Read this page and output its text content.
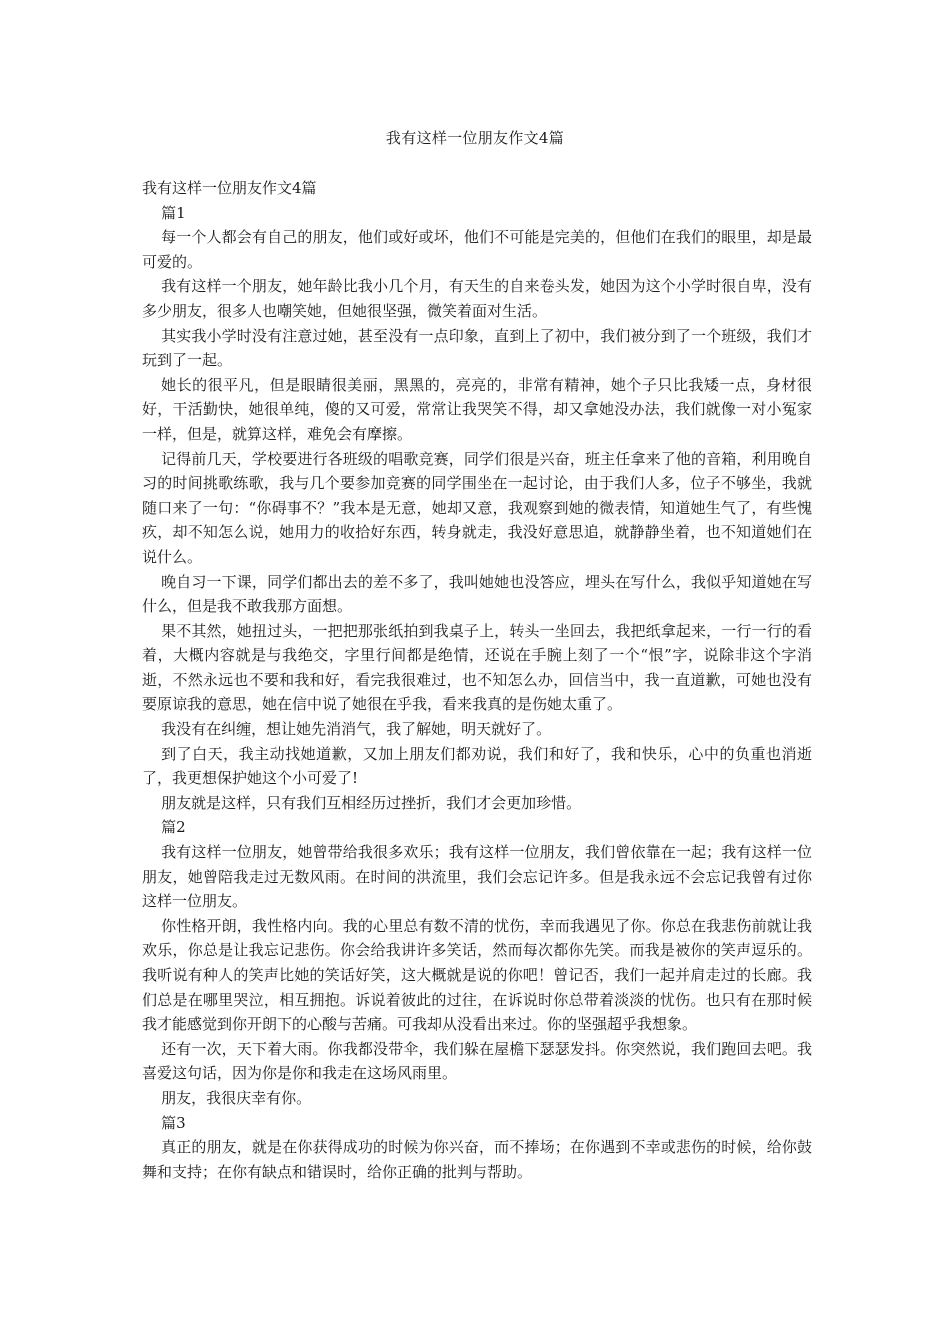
我有这样一位朋友作文4篇

我有这样一位朋友作文4篇

篇1

每一个人都会有自己的朋友，他们或好或坏，他们不可能是完美的，但他们在我们的眼里，却是最可爱的。

我有这样一个朋友，她年龄比我小几个月，有天生的自来卷头发，她因为这个小学时很自卑，没有多少朋友，很多人也嘲笑她，但她很坚强，微笑着面对生活。

其实我小学时没有注意过她，甚至没有一点印象，直到上了初中，我们被分到了一个班级，我们才玩到了一起。

她长的很平凡，但是眼睛很美丽，黑黑的，亮亮的，非常有精神，她个子只比我矮一点，身材很好，干活勤快，她很单纯，傻的又可爱，常常让我哭笑不得，却又拿她没办法，我们就像一对小冤家一样，但是，就算这样，难免会有摩擦。

记得前几天，学校要进行各班级的唱歌竞赛，同学们很是兴奋，班主任拿来了他的音箱，利用晚自习的时间挑歌练歌，我与几个要参加竞赛的同学围坐在一起讨论，由于我们人多，位子不够坐，我就随口来了一句：“你碍事不？”我本是无意，她却又意，我观察到她的微表情，知道她生气了，有些愧疚，却不知怎么说，她用力的收拾好东西，转身就走，我没好意思追，就静静坐着，也不知道她们在说什么。

晚自习一下课，同学们都出去的差不多了，我叫她她也没答应，埋头在写什么，我似乎知道她在写什么，但是我不敢我那方面想。

果不其然，她扭过头，一把把那张纸拍到我桌子上，转头一坐回去，我把纸拿起来，一行一行的看着，大概内容就是与我绝交，字里行间都是绝情，还说在手腕上刻了一个“恨”字，说除非这个字消逝，不然永远也不要和我和好，看完我很难过，也不知怎么办，回信当中，我一直道歉，可她也没有要原谅我的意思，她在信中说了她很在乎我，看来我真的是伤她太重了。

我没有在纠缠，想让她先消消气，我了解她，明天就好了。

到了白天，我主动找她道歉，又加上朋友们都劝说，我们和好了，我和快乐，心中的负重也消逝了，我更想保护她这个小可爱了!

朋友就是这样，只有我们互相经历过挫折，我们才会更加珍惜。

篇2

我有这样一位朋友，她曾带给我很多欢乐；我有这样一位朋友，我们曾依靠在一起；我有这样一位朋友，她曾陪我走过无数风雨。在时间的洪流里，我们会忘记许多。但是我永远不会忘记我曾有过你这样一位朋友。

你性格开朗，我性格内向。我的心里总有数不清的忧伤，幸而我遇见了你。你总在我悲伤前就让我欢乐，你总是让我忘记悲伤。你会给我讲许多笑话，然而每次都你先笑。而我是被你的笑声逗乐的。我听说有种人的笑声比她的笑话好笑，这大概就是说的你吧！曾记否，我们一起并肩走过的长廊。我们总是在哪里哭泣，相互拥抱。诉说着彼此的过往，在诉说时你总带着淡淡的忧伤。也只有在那时候我才能感觉到你开朗下的心酸与苦痛。可我却从没看出来过。你的坚强超乎我想象。

还有一次，天下着大雨。你我都没带伞，我们躲在屋檐下瑟瑟发抖。你突然说，我们跑回去吧。我喜爱这句话，因为你是你和我走在这场风雨里。

朋友，我很庆幸有你。

篇3

真正的朋友，就是在你获得成功的时候为你兴奋，而不捧场；在你遇到不幸或悲伤的时候，给你鼓舞和支持；在你有缺点和错误时，给你正确的批判与帮助。
